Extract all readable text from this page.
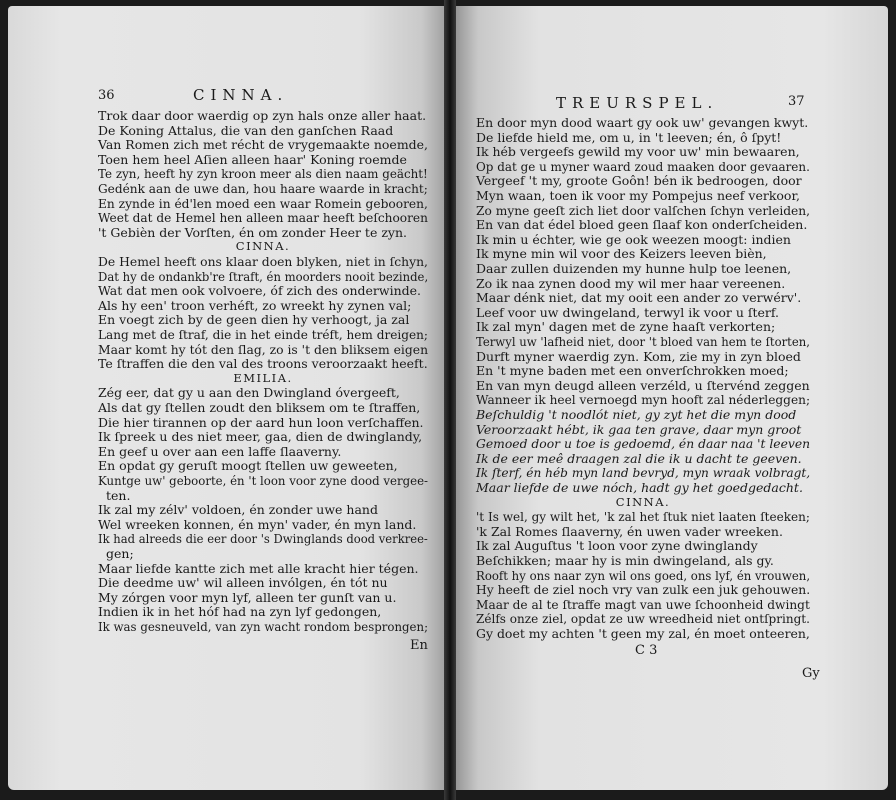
36	CINNA.
Trok daar door waerdig op zyn hals onze aller haat.
De Koning Attalus, die van den ganſchen Raad
Van Romen zich met récht de vrygemaakte noemde,
Toen hem heel Aſien alleen haar' Koning roemde
Te zyn, heeft hy zyn kroon meer als dien naam geächt!
Gedénk aan de uwe dan, hou haare waarde in kracht;
En zynde in éd'len moed een waar Romein gebooren,
Weet dat de Hemel hen alleen maar heeft beſchooren
't Gebièn der Vorſten, én om zonder Heer te zyn.
CINNA.
De Hemel heeft ons klaar doen blyken, niet in ſchyn,
Dat hy de ondankb're ſtraft, én moorders nooit bezinde,
Wat dat men ook volvoere, óf zich des onderwinde.
Als hy een' troon verhéft, zo wreekt hy zynen val;
En voegt zich by de geen dien hy verhoogt, ja zal
Lang met de ſtraf, die in het einde tréft, hem dreigen;
Maar komt hy tót den ſlag, zo is 't den bliksem eigen
Te ſtraffen die den val des troons veroorzaakt heeft.
EMILIA.
Zég eer, dat gy u aan den Dwingland óvergeeft,
Als dat gy ſtellen zoudt den bliksem om te ſtraffen,
Die hier tirannen op der aard hun loon verſchaffen.
Ik ſpreek u des niet meer, gaa, dien de dwinglandy,
En geef u over aan een laffe ſlaaverny.
En opdat gy geruſt moogt ſtellen uw geweeten,
Kuntge uw' geboorte, én 't loon voor zyne dood vergee-
ten.
Ik zal my zélv' voldoen, én zonder uwe hand
Wel wreeken konnen, én myn' vader, én myn land.
Ik had alreeds die eer door 's Dwinglands dood verkree-
gen;
Maar liefde kantte zich met alle kracht hier tégen.
Die deedme uw' wil alleen invólgen, én tót nu
My zórgen voor myn lyf, alleen ter gunſt van u.
Indien ik in het hóf had na zyn lyf gedongen,
Ik was gesneuveld, van zyn wacht rondom besprongen;
En
TREURSPEL.	37
En door myn dood waart gy ook uw' gevangen kwyt.
De liefde hield me, om u, in 't leeven; én, ô ſpyt!
Ik héb vergeefs gewild my voor uw' min bewaaren,
Op dat ge u myner waard zoud maaken door gevaaren.
Vergeef 't my, groote Goôn! bén ik bedroogen, door
Myn waan, toen ik voor my Pompejus neef verkoor,
Zo myne geeſt zich liet door valſchen ſchyn verleiden,
En van dat édel bloed geen ſlaaf kon onderſcheiden.
Ik min u échter, wie ge ook weezen moogt: indien
Ik myne min wil voor des Keizers leeven bièn,
Daar zullen duizenden my hunne hulp toe leenen,
Zo ik naa zynen dood my wil mer haar vereenen.
Maar dénk niet, dat my ooit een ander zo verwérv'.
Leef voor uw dwingeland, terwyl ik voor u ſterf.
Ik zal myn' dagen met de zyne haaſt verkorten;
Terwyl uw 'lafheid niet, door 't bloed van hem te ſtorten,
Durft myner waerdig zyn. Kom, zie my in zyn bloed
En 't myne baden met een onverſchrokken moed;
En van myn deugd alleen verzéld, u ſtervénd zeggen
Wanneer ik heel vernoegd myn hooft zal néderleggen;
Beſchuldig 't noodlót niet, gy zyt het die myn dood
Veroorzaakt hébt, ik gaa ten grave, daar myn groot
Gemoed door u toe is gedoemd, én daar naa 't leeven
Ik de eer meê draagen zal die ik u dacht te geeven.
Ik ſterf, én héb myn land bevryd, myn wraak volbragt,
Maar liefde de uwe nóch, hadt gy het goedgedacht.
CINNA.
't Is wel, gy wilt het, 'k zal het ſtuk niet laaten ſteeken;
'k Zal Romes ſlaaverny, én uwen vader wreeken.
Ik zal Auguſtus 't loon voor zyne dwinglandy
Beſchikken; maar hy is min dwingeland, als gy.
Rooft hy ons naar zyn wil ons goed, ons lyf, én vrouwen,
Hy heeft de ziel noch vry van zulk een juk gehouwen.
Maar de al te ſtraffe magt van uwe ſchoonheid dwingt
Zélfs onze ziel, opdat ze uw wreedheid niet ontſpringt.
Gy doet my achten 't geen my zal, én moet onteeren,
C 3
Gy
